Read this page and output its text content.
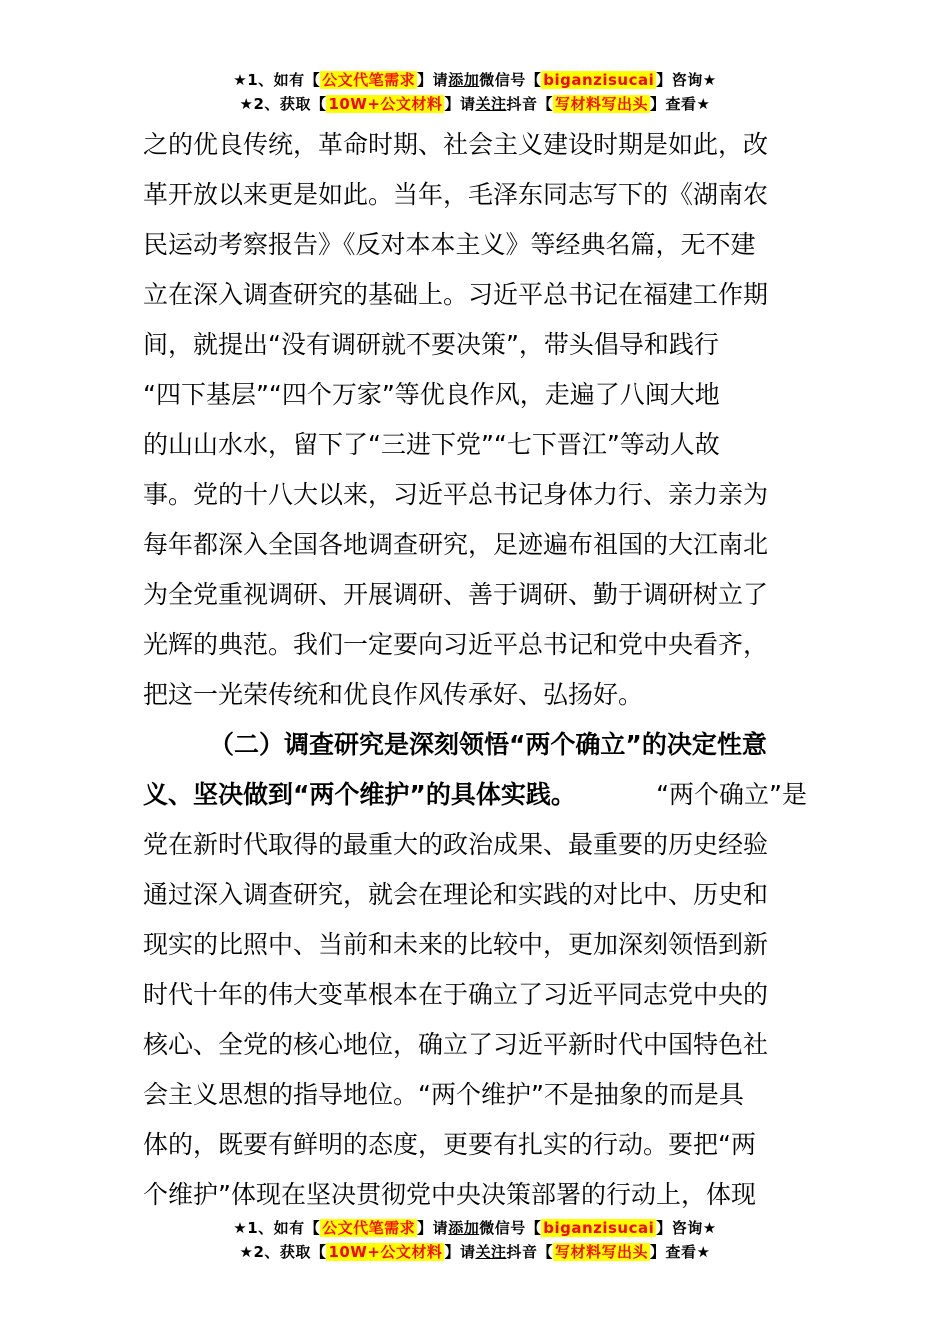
★1、如有【 公文代笔需求 】请添加微信号【 biganzisucai 】咨询★
★2、获取【 10W+公文材料 】请关注抖音【 写材料写出头 】查看★
之的优良传统，革命时期、社会主义建设时期是如此，改
革开放以来更是如此。当年，毛泽东同志写下的《湖南农
民运动考察报告》《反对本本主义》等经典名篇，无不建
立在深入调查研究的基础上。习近平总书记在福建工作期
间，就提出“没有调研就不要决策”，带头倡导和践行
“四下基层”“四个万家”等优良作风，走遍了八闽大地
的山山水水，留下了“三进下党”“七下晋江”等动人故
事。党的十八大以来，习近平总书记身体力行、亲力亲为
每年都深入全国各地调查研究，足迹遍布祖国的大江南北
为全党重视调研、开展调研、善于调研、勤于调研树立了
光辉的典范。我们一定要向习近平总书记和党中央看齐，
把这一光荣传统和优良作风传承好、弘扬好。
（二）调查研究是深刻领悟“两个确立”的决定性意
义、坚决做到“两个维护”的具体实践。	“两个确立”是
党在新时代取得的最重大的政治成果、最重要的历史经验
通过深入调查研究，就会在理论和实践的对比中、历史和
现实的比照中、当前和未来的比较中，更加深刻领悟到新
时代十年的伟大变革根本在于确立了习近平同志党中央的
核心、全党的核心地位，确立了习近平新时代中国特色社
会主义思想的指导地位。“两个维护”不是抽象的而是具
体的，既要有鲜明的态度，更要有扎实的行动。要把“两
个维护”体现在坚决贯彻党中央决策部署的行动上，体现
★1、如有【 公文代笔需求 】请添加微信号【 biganzisucai 】咨询★
★2、获取【 10W+公文材料 】请关注抖音【 写材料写出头 】查看★
